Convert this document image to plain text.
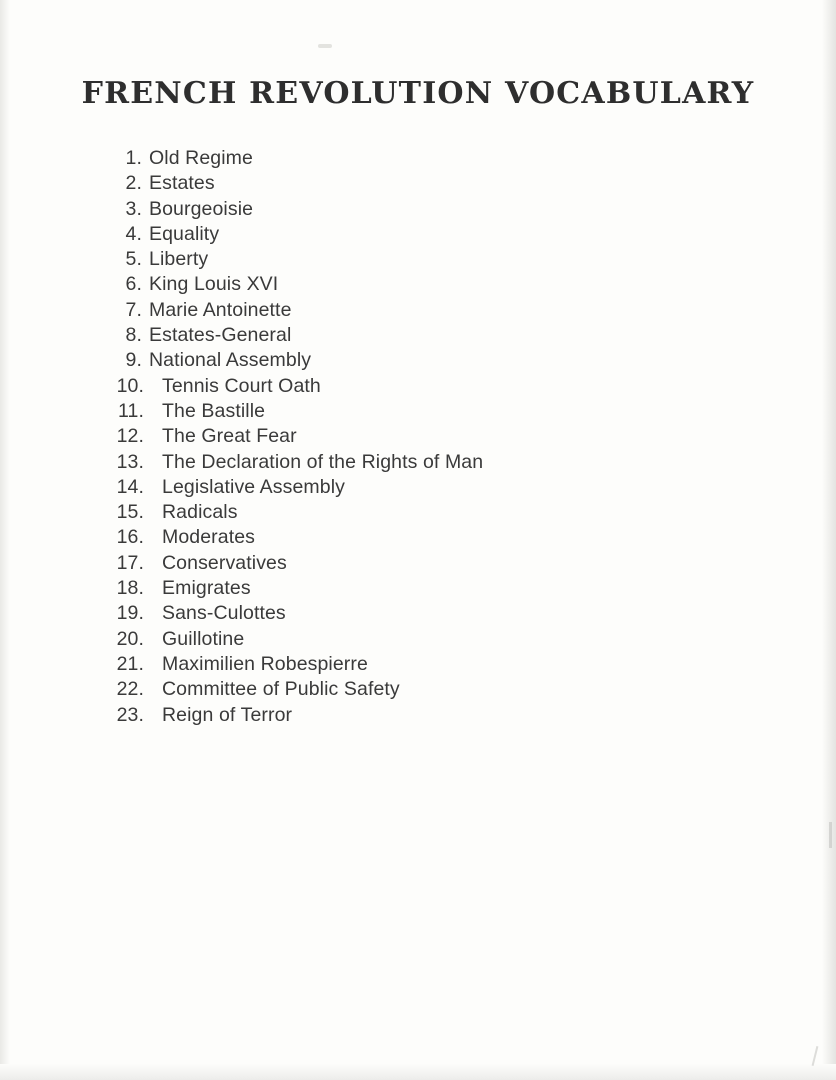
FRENCH REVOLUTION VOCABULARY
1. Old Regime
2. Estates
3. Bourgeoisie
4. Equality
5. Liberty
6. King Louis XVI
7. Marie Antoinette
8. Estates-General
9. National Assembly
10. Tennis Court Oath
11. The Bastille
12. The Great Fear
13. The Declaration of the Rights of Man
14. Legislative Assembly
15. Radicals
16. Moderates
17. Conservatives
18. Emigrates
19. Sans-Culottes
20. Guillotine
21. Maximilien Robespierre
22. Committee of Public Safety
23. Reign of Terror
